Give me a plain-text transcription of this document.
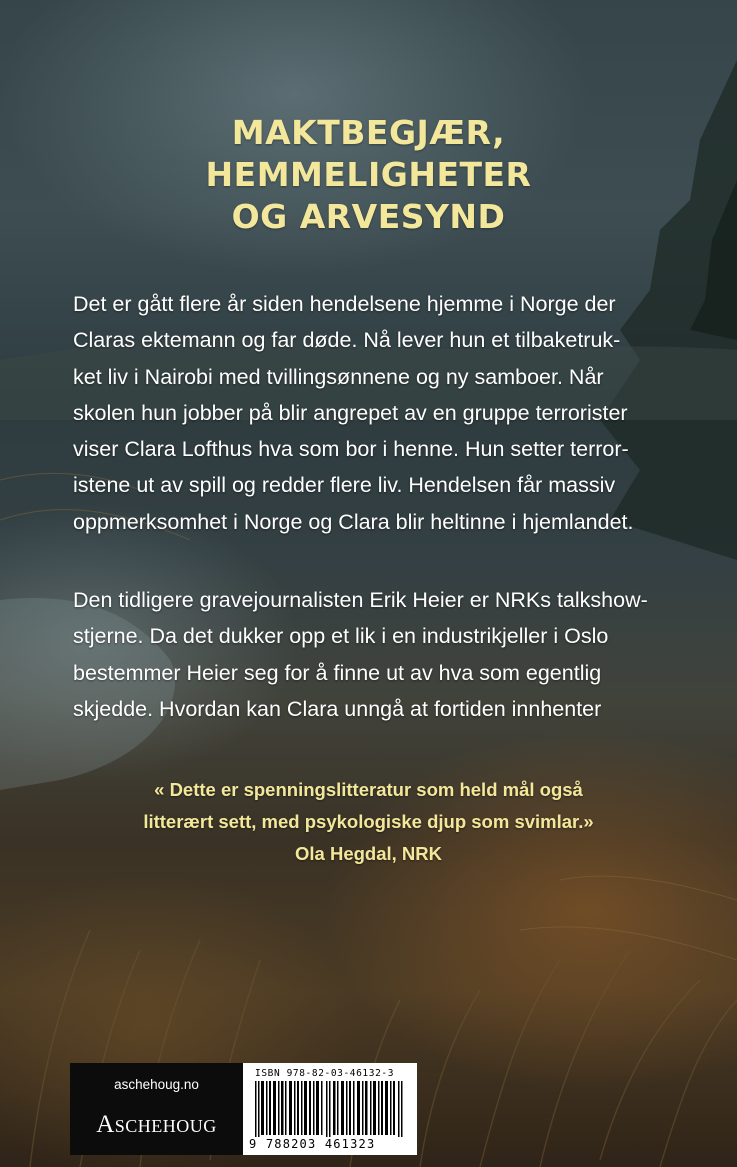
MAKTBEGJÆR,
HEMMELIGHETER
OG ARVESYND

Det er gått flere år siden hendelsene hjemme i Norge der
Claras ektemann og far døde. Nå lever hun et tilbaketruk-
ket liv i Nairobi med tvillingsønnene og ny samboer. Når
skolen hun jobber på blir angrepet av en gruppe terrorister
viser Clara Lofthus hva som bor i henne. Hun setter terror-
istene ut av spill og redder flere liv. Hendelsen får massiv
oppmerksomhet i Norge og Clara blir heltinne i hjemlandet.

Den tidligere gravejournalisten Erik Heier er NRKs talkshow-
stjerne. Da det dukker opp et lik i en industrikjeller i Oslo
bestemmer Heier seg for å finne ut av hva som egentlig
skjedde. Hvordan kan Clara unngå at fortiden innhenter

« Dette er spenningslitteratur som held mål også
litterært sett, med psykologiske djup som svimlar.»
Ola Hegdal, NRK
aschehoug.no
Aschehoug
ISBN 978-82-03-46132-3
9 788203 461323
